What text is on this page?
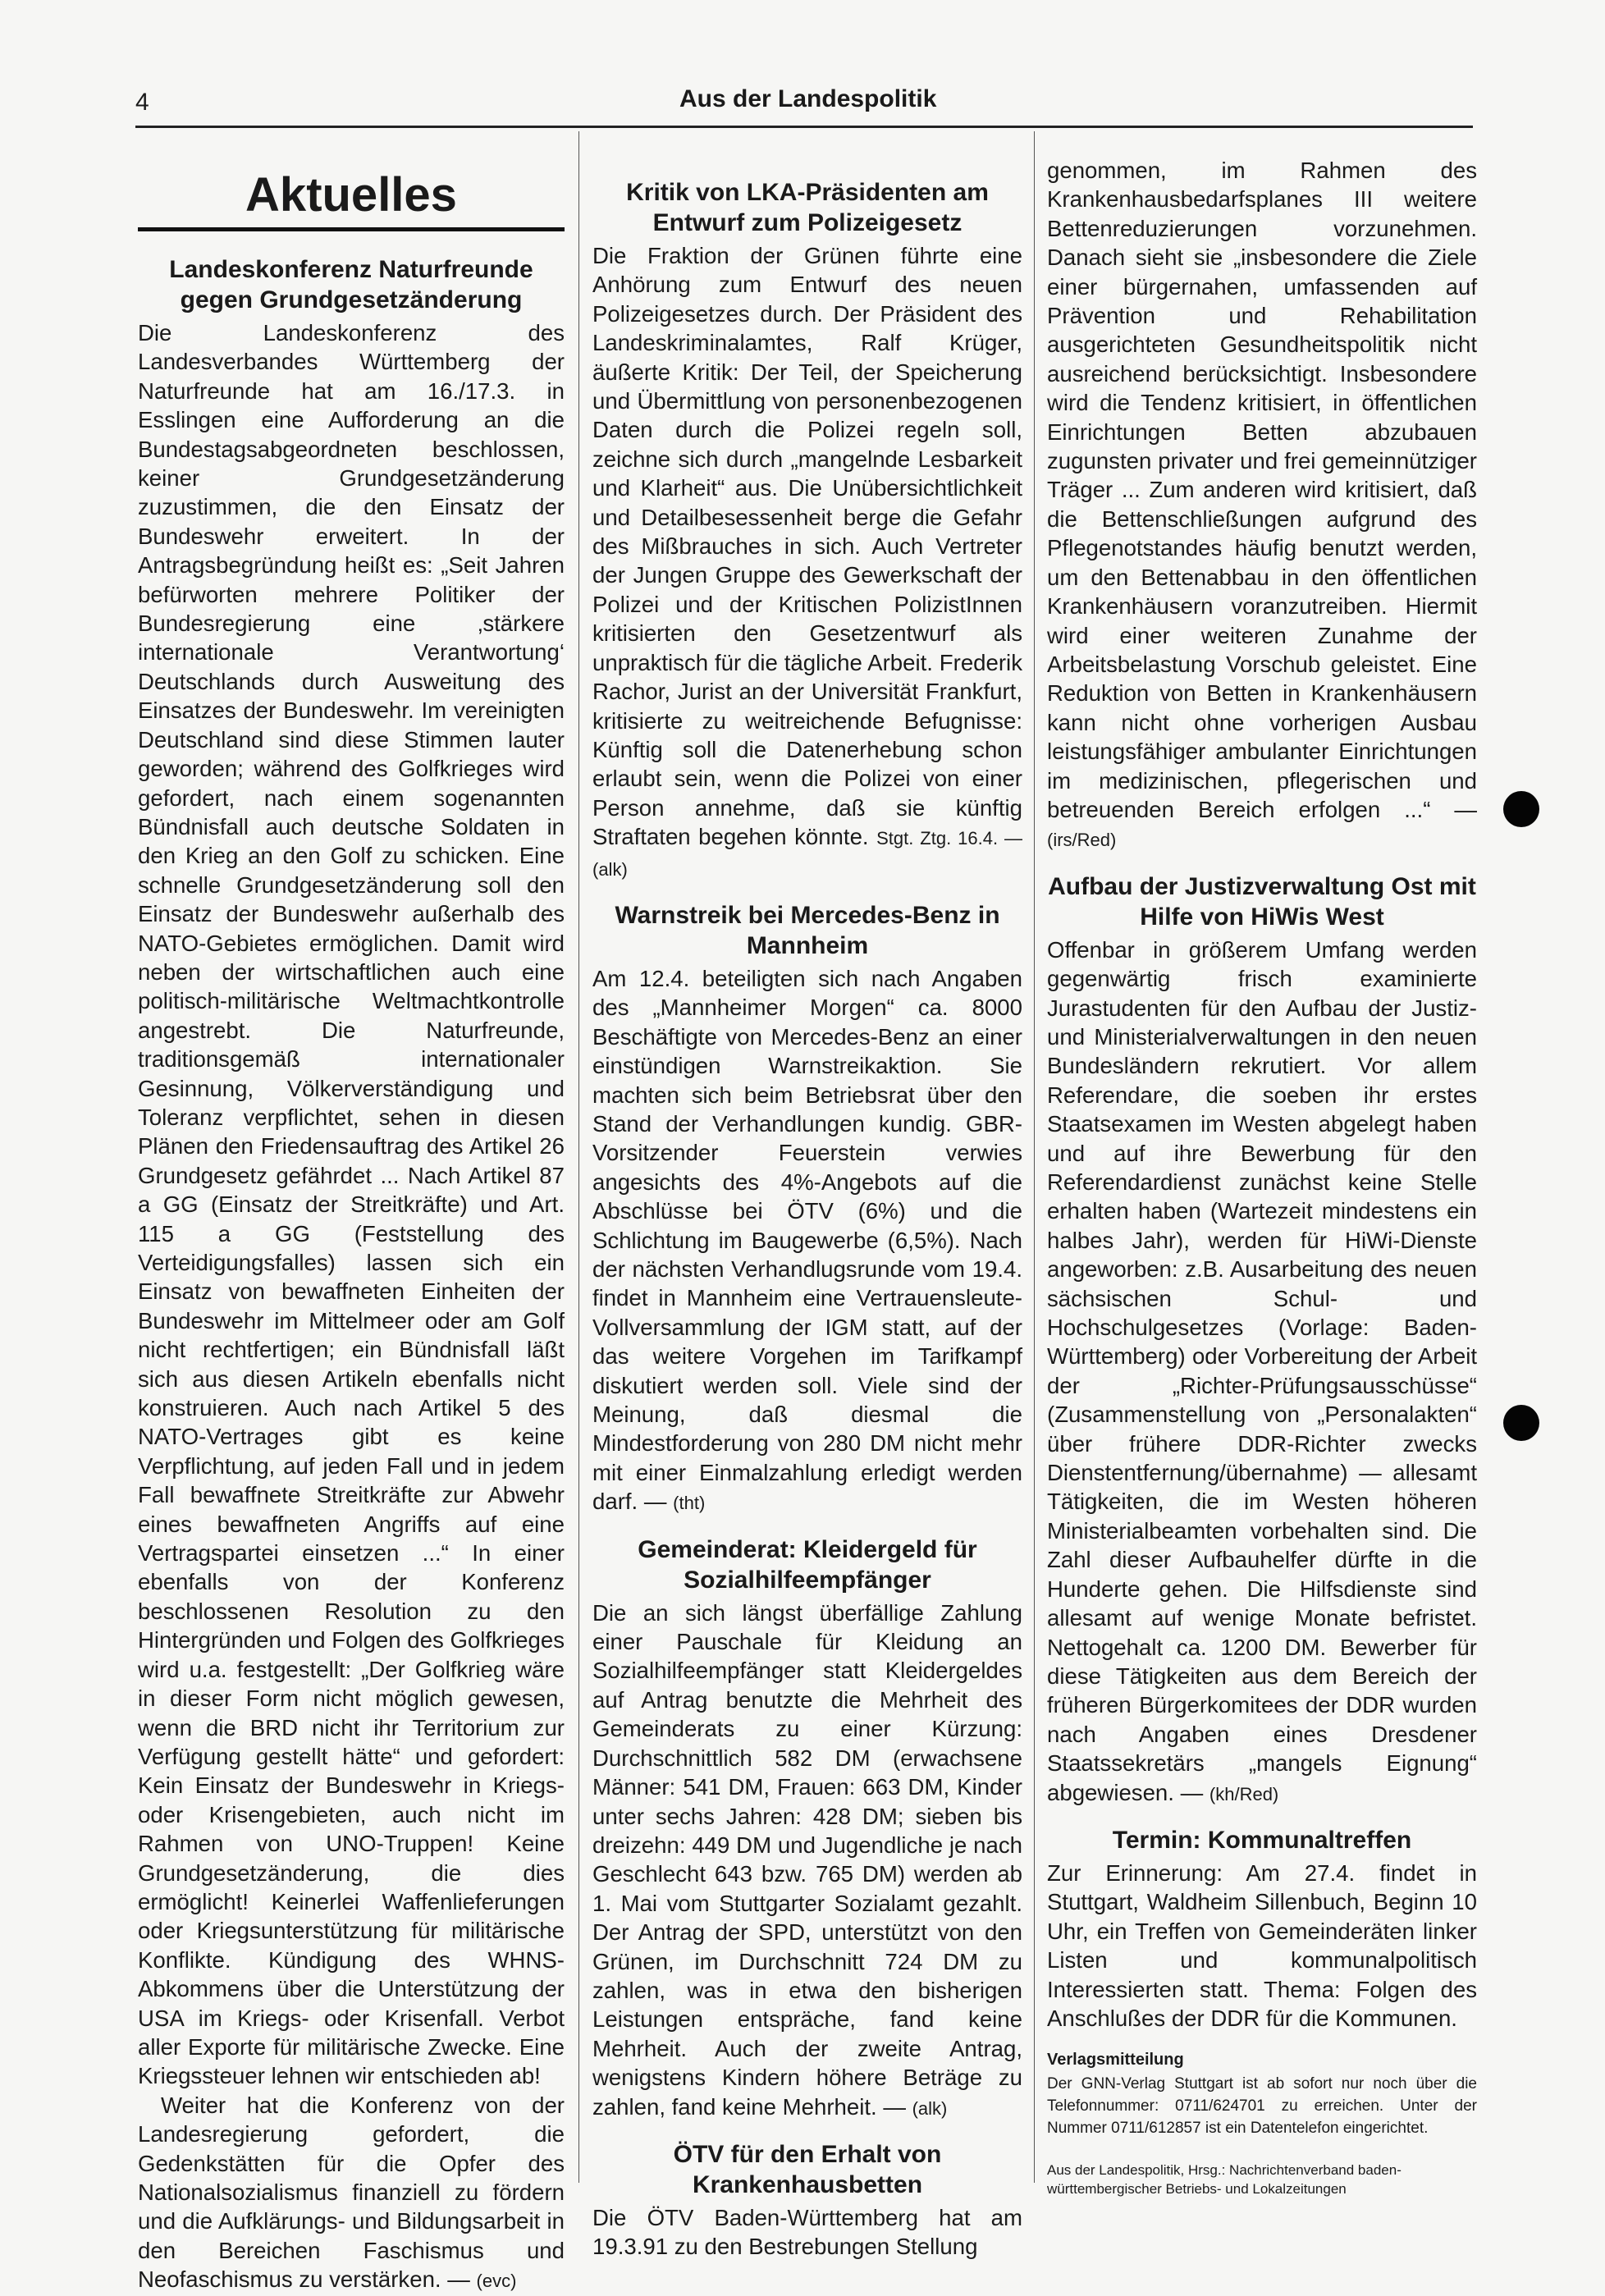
4	Aus der Landespolitik
Aktuelles
Landeskonferenz Naturfreunde gegen Grundgesetzänderung

Die Landeskonferenz des Landesverbandes Württemberg der Naturfreunde hat am 16./17.3. in Esslingen eine Aufforderung an die Bundestagsabgeordneten beschlossen, keiner Grundgesetzänderung zuzustimmen, die den Einsatz der Bundeswehr erweitert. In der Antragsbegründung heißt es: „Seit Jahren befürworten mehrere Politiker der Bundesregierung eine ‚stärkere internationale Verantwortung‘ Deutschlands durch Ausweitung des Einsatzes der Bundeswehr. Im vereinigten Deutschland sind diese Stimmen lauter geworden; während des Golfkrieges wird gefordert, nach einem sogenannten Bündnisfall auch deutsche Soldaten in den Krieg an den Golf zu schicken. Eine schnelle Grundgesetzänderung soll den Einsatz der Bundeswehr außerhalb des NATO-Gebietes ermöglichen. Damit wird neben der wirtschaftlichen auch eine politisch-militärische Weltmachtkontrolle angestrebt. Die Naturfreunde, traditionsgemäß internationaler Gesinnung, Völkerverständigung und Toleranz verpflichtet, sehen in diesen Plänen den Friedensauftrag des Artikel 26 Grundgesetz gefährdet ... Nach Artikel 87 a GG (Einsatz der Streitkräfte) und Art. 115 a GG (Feststellung des Verteidigungsfalles) lassen sich ein Einsatz von bewaffneten Einheiten der Bundeswehr im Mittelmeer oder am Golf nicht rechtfertigen; ein Bündnisfall läßt sich aus diesen Artikeln ebenfalls nicht konstruieren. Auch nach Artikel 5 des NATO-Vertrages gibt es keine Verpflichtung, auf jeden Fall und in jedem Fall bewaffnete Streitkräfte zur Abwehr eines bewaffneten Angriffs auf eine Vertragspartei einsetzen ...“ In einer ebenfalls von der Konferenz beschlossenen Resolution zu den Hintergründen und Folgen des Golfkrieges wird u.a. festgestellt: „Der Golfkrieg wäre in dieser Form nicht möglich gewesen, wenn die BRD nicht ihr Territorium zur Verfügung gestellt hätte“ und gefordert: Kein Einsatz der Bundeswehr in Kriegs- oder Krisengebieten, auch nicht im Rahmen von UNO-Truppen! Keine Grundgesetzänderung, die dies ermöglicht! Keinerlei Waffenlieferungen oder Kriegsunterstützung für militärische Konflikte. Kündigung des WHNS-Abkommens über die Unterstützung der USA im Kriegs- oder Krisenfall. Verbot aller Exporte für militärische Zwecke. Eine Kriegssteuer lehnen wir entschieden ab!

Weiter hat die Konferenz von der Landesregierung gefordert, die Gedenkstätten für die Opfer des Nationalsozialismus finanziell zu fördern und die Aufklärungs- und Bildungsarbeit in den Bereichen Faschismus und Neofaschismus zu verstärken. — (evc)

Kritik von LKA-Präsidenten am Entwurf zum Polizeigesetz

Die Fraktion der Grünen führte eine Anhörung zum Entwurf des neuen Polizeigesetzes durch. Der Präsident des Landeskriminalamtes, Ralf Krüger, äußerte Kritik: Der Teil, der Speicherung und Übermittlung von personenbezogenen Daten durch die Polizei regeln soll, zeichne sich durch „mangelnde Lesbarkeit und Klarheit“ aus. Die Unübersichtlichkeit und Detailbesessenheit berge die Gefahr des Mißbrauches in sich. Auch Vertreter der Jungen Gruppe des Gewerkschaft der Polizei und der Kritischen PolizistInnen kritisierten den Gesetzentwurf als unpraktisch für die tägliche Arbeit. Frederik Rachor, Jurist an der Universität Frankfurt, kritisierte zu weitreichende Befugnisse: Künftig soll die Datenerhebung schon erlaubt sein, wenn die Polizei von einer Person annehme, daß sie künftig Straftaten begehen könnte. Stgt. Ztg. 16.4. — (alk)

Warnstreik bei Mercedes-Benz in Mannheim

Am 12.4. beteiligten sich nach Angaben des „Mannheimer Morgen“ ca. 8000 Beschäftigte von Mercedes-Benz an einer einstündigen Warnstreikaktion. Sie machten sich beim Betriebsrat über den Stand der Verhandlungen kundig. GBR-Vorsitzender Feuerstein verwies angesichts des 4%-Angebots auf die Abschlüsse bei ÖTV (6%) und die Schlichtung im Baugewerbe (6,5%). Nach der nächsten Verhandlugsrunde vom 19.4. findet in Mannheim eine Vertrauensleute-Vollversammlung der IGM statt, auf der das weitere Vorgehen im Tarifkampf diskutiert werden soll. Viele sind der Meinung, daß diesmal die Mindestforderung von 280 DM nicht mehr mit einer Einmalzahlung erledigt werden darf. — (tht)

Gemeinderat: Kleidergeld für Sozialhilfeempfänger

Die an sich längst überfällige Zahlung einer Pauschale für Kleidung an Sozialhilfeempfänger statt Kleidergeldes auf Antrag benutzte die Mehrheit des Gemeinderats zu einer Kürzung: Durchschnittlich 582 DM (erwachsene Männer: 541 DM, Frauen: 663 DM, Kinder unter sechs Jahren: 428 DM; sieben bis dreizehn: 449 DM und Jugendliche je nach Geschlecht 643 bzw. 765 DM) werden ab 1. Mai vom Stuttgarter Sozialamt gezahlt. Der Antrag der SPD, unterstützt von den Grünen, im Durchschnitt 724 DM zu zahlen, was in etwa den bisherigen Leistungen entspräche, fand keine Mehrheit. Auch der zweite Antrag, wenigstens Kindern höhere Beträge zu zahlen, fand keine Mehrheit. — (alk)

ÖTV für den Erhalt von Krankenhausbetten

Die ÖTV Baden-Württemberg hat am 19.3.91 zu den Bestrebungen Stellung

genommen, im Rahmen des Krankenhausbedarfsplanes III weitere Bettenreduzierungen vorzunehmen. Danach sieht sie „insbesondere die Ziele einer bürgernahen, umfassenden auf Prävention und Rehabilitation ausgerichteten Gesundheitspolitik nicht ausreichend berücksichtigt. Insbesondere wird die Tendenz kritisiert, in öffentlichen Einrichtungen Betten abzubauen zugunsten privater und frei gemeinnütziger Träger ... Zum anderen wird kritisiert, daß die Bettenschließungen aufgrund des Pflegenotstandes häufig benutzt werden, um den Bettenabbau in den öffentlichen Krankenhäusern voranzutreiben. Hiermit wird einer weiteren Zunahme der Arbeitsbelastung Vorschub geleistet. Eine Reduktion von Betten in Krankenhäusern kann nicht ohne vorherigen Ausbau leistungsfähiger ambulanter Einrichtungen im medizinischen, pflegerischen und betreuenden Bereich erfolgen ...“ — (irs/Red)

Aufbau der Justizverwaltung Ost mit Hilfe von HiWis West

Offenbar in größerem Umfang werden gegenwärtig frisch examinierte Jurastudenten für den Aufbau der Justiz- und Ministerialverwaltungen in den neuen Bundesländern rekrutiert. Vor allem Referendare, die soeben ihr erstes Staatsexamen im Westen abgelegt haben und auf ihre Bewerbung für den Referendardienst zunächst keine Stelle erhalten haben (Wartezeit mindestens ein halbes Jahr), werden für HiWi-Dienste angeworben: z.B. Ausarbeitung des neuen sächsischen Schul- und Hochschulgesetzes (Vorlage: Baden-Württemberg) oder Vorbereitung der Arbeit der „Richter-Prüfungsausschüsse“ (Zusammenstellung von „Personalakten“ über frühere DDR-Richter zwecks Dienstentfernung/übernahme) — allesamt Tätigkeiten, die im Westen höheren Ministerialbeamten vorbehalten sind. Die Zahl dieser Aufbauhelfer dürfte in die Hunderte gehen. Die Hilfsdienste sind allesamt auf wenige Monate befristet. Nettogehalt ca. 1200 DM. Bewerber für diese Tätigkeiten aus dem Bereich der früheren Bürgerkomitees der DDR wurden nach Angaben eines Dresdener Staatssekretärs „mangels Eignung“ abgewiesen. — (kh/Red)

Termin: Kommunaltreffen

Zur Erinnerung: Am 27.4. findet in Stuttgart, Waldheim Sillenbuch, Beginn 10 Uhr, ein Treffen von Gemeinderäten linker Listen und kommunalpolitisch Interessierten statt. Thema: Folgen des Anschlußes der DDR für die Kommunen.

Verlagsmitteilung

Der GNN-Verlag Stuttgart ist ab sofort nur noch über die Telefonnummer: 0711/624701 zu erreichen. Unter der Nummer 0711/612857 ist ein Datentelefon eingerichtet.

Aus der Landespolitik, Hrsg.: Nachrichtenverband baden-württembergischer Betriebs- und Lokalzeitungen
